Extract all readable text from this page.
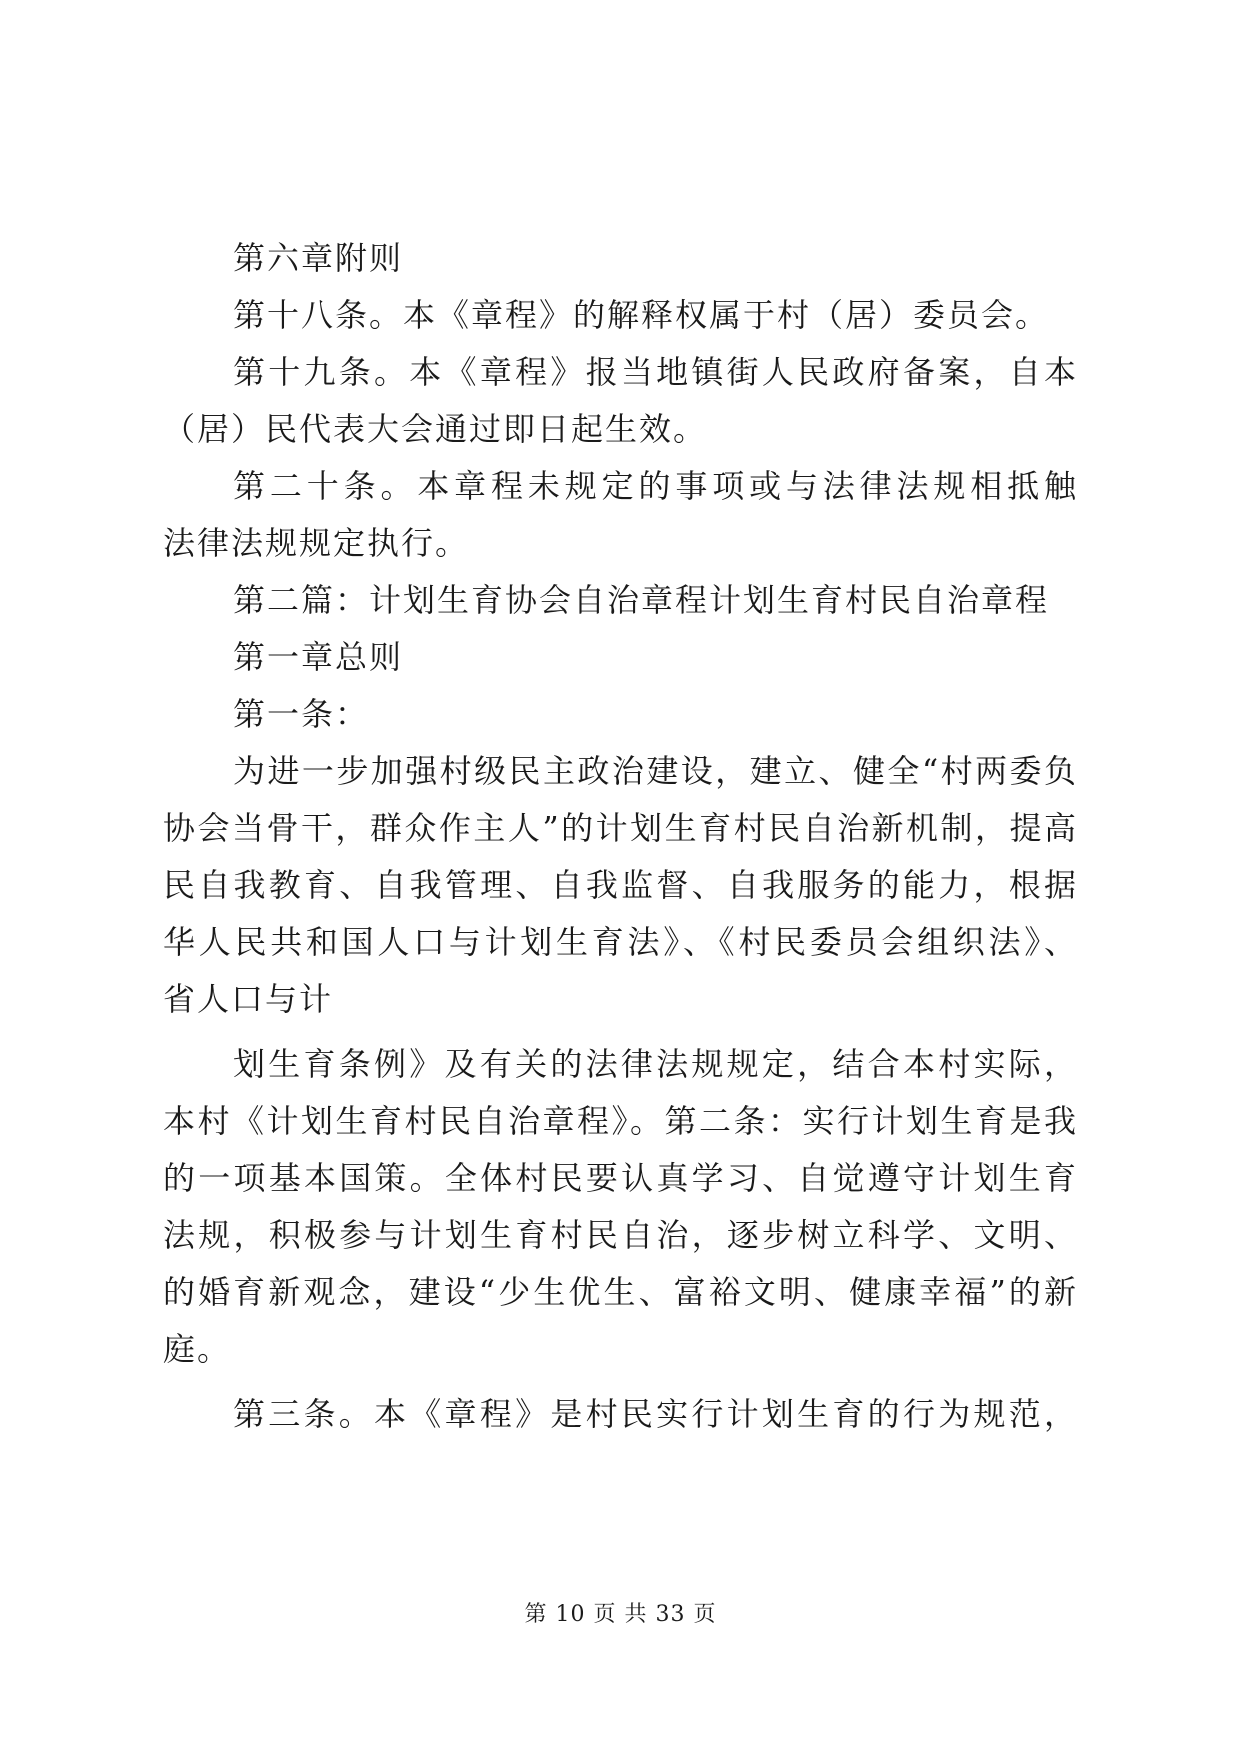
第六章附则
第十八条。本《章程》的解释权属于村（居）委员会。
第十九条。本《章程》报当地镇街人民政府备案，自本
（居）民代表大会通过即日起生效。
第二十条。本章程未规定的事项或与法律法规相抵触
法律法规规定执行。
第二篇：计划生育协会自治章程计划生育村民自治章程
第一章总则
第一条：
为进一步加强村级民主政治建设，建立、健全“村两委负
协会当骨干，群众作主人”的计划生育村民自治新机制，提高
民自我教育、自我管理、自我监督、自我服务的能力，根据
华人民共和国人口与计划生育法》、《村民委员会组织法》、
省人口与计
划生育条例》及有关的法律法规规定，结合本村实际，
本村《计划生育村民自治章程》。第二条：实行计划生育是我
的一项基本国策。全体村民要认真学习、自觉遵守计划生育
法规，积极参与计划生育村民自治，逐步树立科学、文明、
的婚育新观念，建设“少生优生、富裕文明、健康幸福”的新
庭。
第三条。本《章程》是村民实行计划生育的行为规范，
第 10 页 共 33 页
